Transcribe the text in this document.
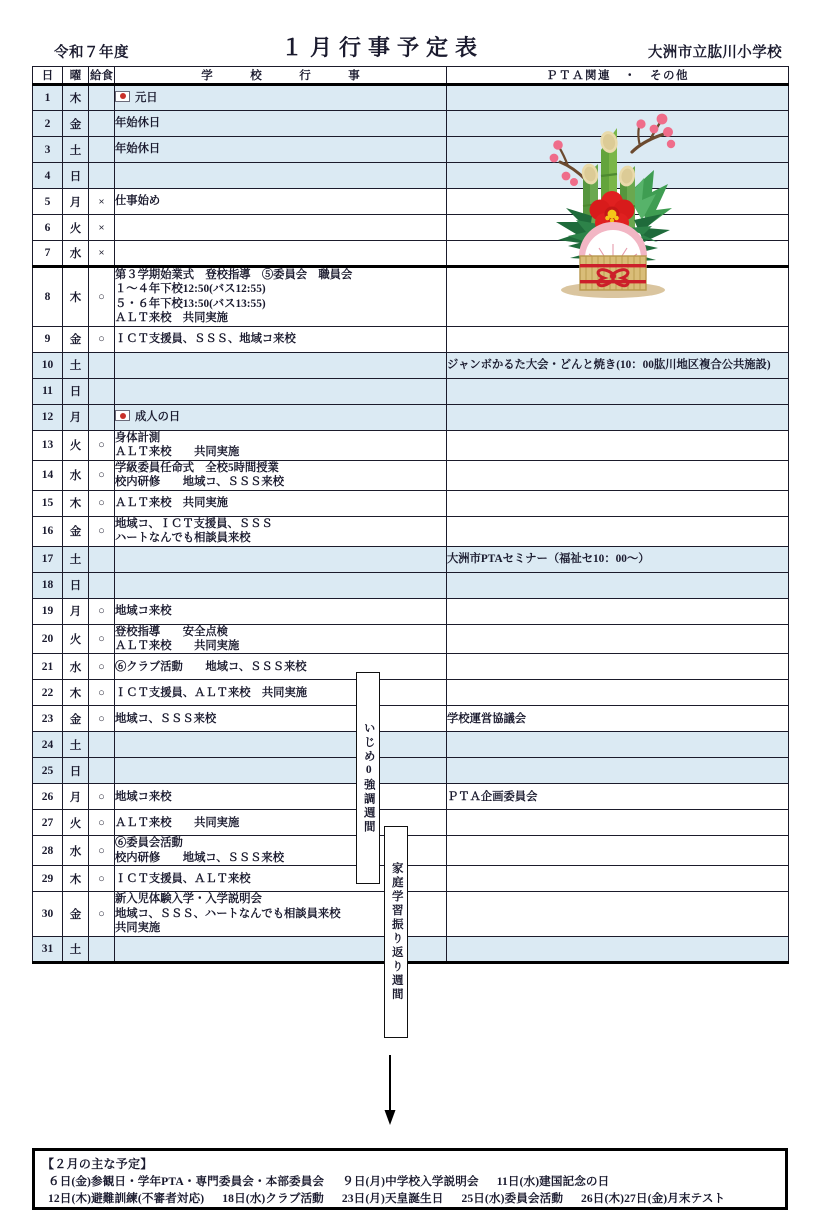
令和７年度	１月行事予定表	大洲市立肱川小学校
日	曜	給食	学　校　行　事	ＰＴＡ関連　・　その他
1	木		元日	

2	金		年始休日	

3	土		年始休日	

4	日			
5	月	×	仕事始め	

6	火	×		
7	水	×		
8	木	○	第３学期始業式　登校指導　⑤委員会　職員会
１～４年下校12:50(バス12:55)
５・６年下校13:50(バス13:55)
ＡＬＴ来校　共同実施	

9	金	○	ＩＣＴ支援員、ＳＳＳ、地域コ来校	

10	土			ジャンボかるた大会・どんと焼き(10：00肱川地区複合公共施設)
11	日			
12	月		成人の日	

13	火	○	身体計測
ＡＬＴ来校　　共同実施	

14	水	○	学級委員任命式　全校5時間授業
校内研修　　地域コ、ＳＳＳ来校	

15	木	○	ＡＬＴ来校　共同実施	

16	金	○	地域コ、ＩＣＴ支援員、ＳＳＳ
ハートなんでも相談員来校	

17	土			大洲市PTAセミナー（福祉セ10：00～）
18	日			
19	月	○	地域コ来校	

20	火	○	登校指導　　安全点検
ＡＬＴ来校　　共同実施	

21	水	○	⑥クラブ活動　　地域コ、ＳＳＳ来校	

22	木	○	ＩＣＴ支援員、ＡＬＴ来校　共同実施	

23	金	○	地域コ、ＳＳＳ来校	学校運営協議会
24	土			
25	日			
26	月	○	地域コ来校	ＰＴＡ企画委員会
27	火	○	ＡＬＴ来校　　共同実施	

28	水	○	⑥委員会活動
校内研修　　地域コ、ＳＳＳ来校	

29	木	○	ＩＣＴ支援員、ＡＬＴ来校	

30	金	○	新入児体験入学・入学説明会
地域コ、ＳＳＳ、ハートなんでも相談員来校
共同実施	

31	土			
いじめ0強調週間
家庭学習振り返り週間
【２月の主な予定】
６日(金)参観日・学年PTA・専門委員会・本部委員会 ９日(月)中学校入学説明会 11日(水)建国記念の日
12日(木)避難訓練(不審者対応) 18日(水)クラブ活動 23日(月)天皇誕生日 25日(水)委員会活動 26日(木)27日(金)月末テスト
